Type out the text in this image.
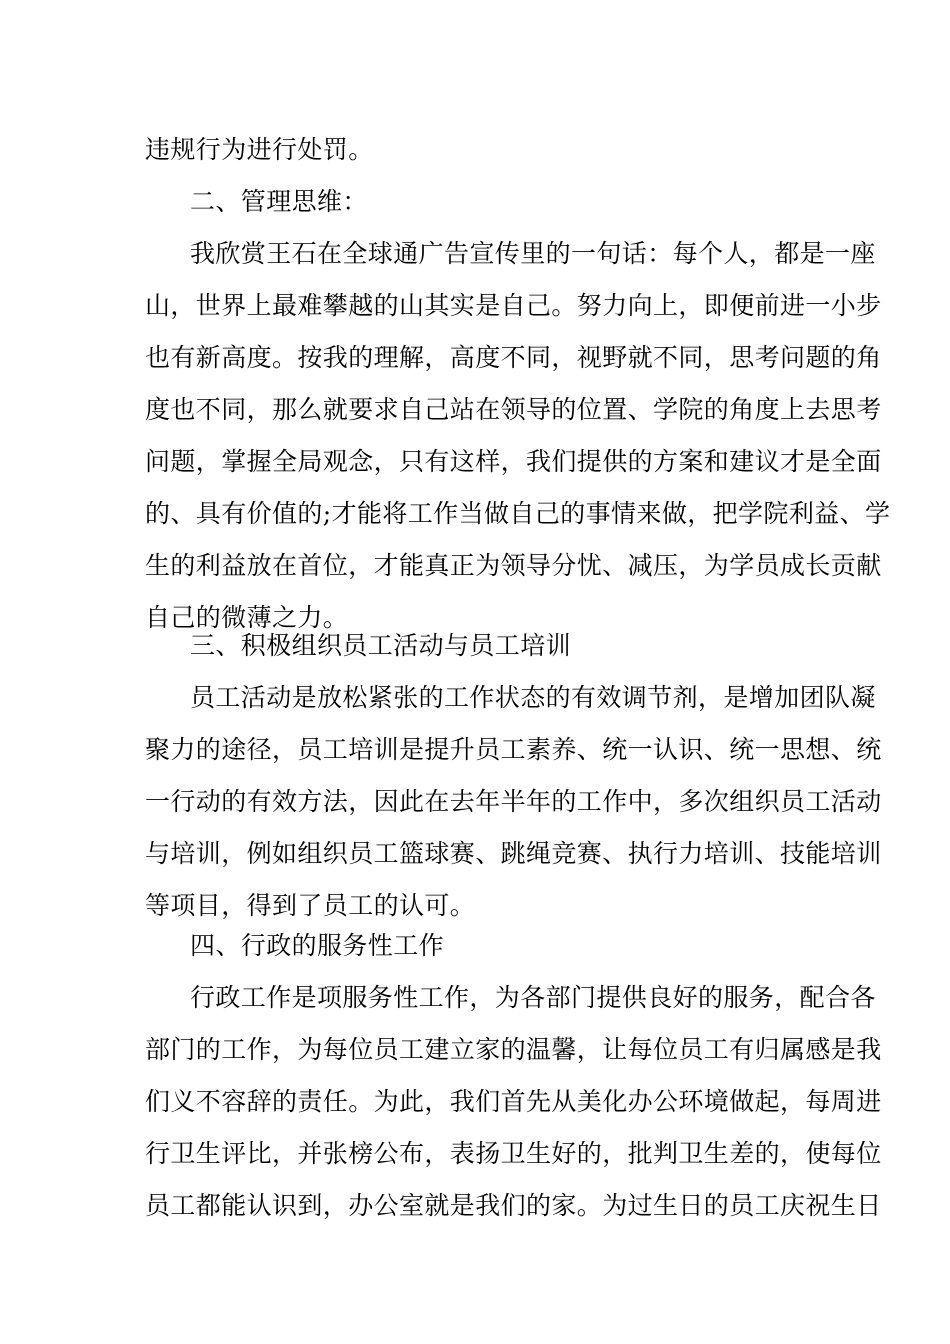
违规行为进行处罚。
二、管理思维：
我欣赏王石在全球通广告宣传里的一句话：每个人，都是一座
山，世界上最难攀越的山其实是自己。努力向上，即便前进一小步
也有新高度。按我的理解，高度不同，视野就不同，思考问题的角
度也不同，那么就要求自己站在领导的位置、学院的角度上去思考
问题，掌握全局观念，只有这样，我们提供的方案和建议才是全面
的、具有价值的;才能将工作当做自己的事情来做，把学院利益、学
生的利益放在首位，才能真正为领导分忧、减压，为学员成长贡献
自己的微薄之力。
三、积极组织员工活动与员工培训
员工活动是放松紧张的工作状态的有效调节剂，是增加团队凝
聚力的途径，员工培训是提升员工素养、统一认识、统一思想、统
一行动的有效方法，因此在去年半年的工作中，多次组织员工活动
与培训，例如组织员工篮球赛、跳绳竞赛、执行力培训、技能培训
等项目，得到了员工的认可。
四、行政的服务性工作
行政工作是项服务性工作，为各部门提供良好的服务，配合各
部门的工作，为每位员工建立家的温馨，让每位员工有归属感是我
们义不容辞的责任。为此，我们首先从美化办公环境做起，每周进
行卫生评比，并张榜公布，表扬卫生好的，批判卫生差的，使每位
员工都能认识到，办公室就是我们的家。为过生日的员工庆祝生日
